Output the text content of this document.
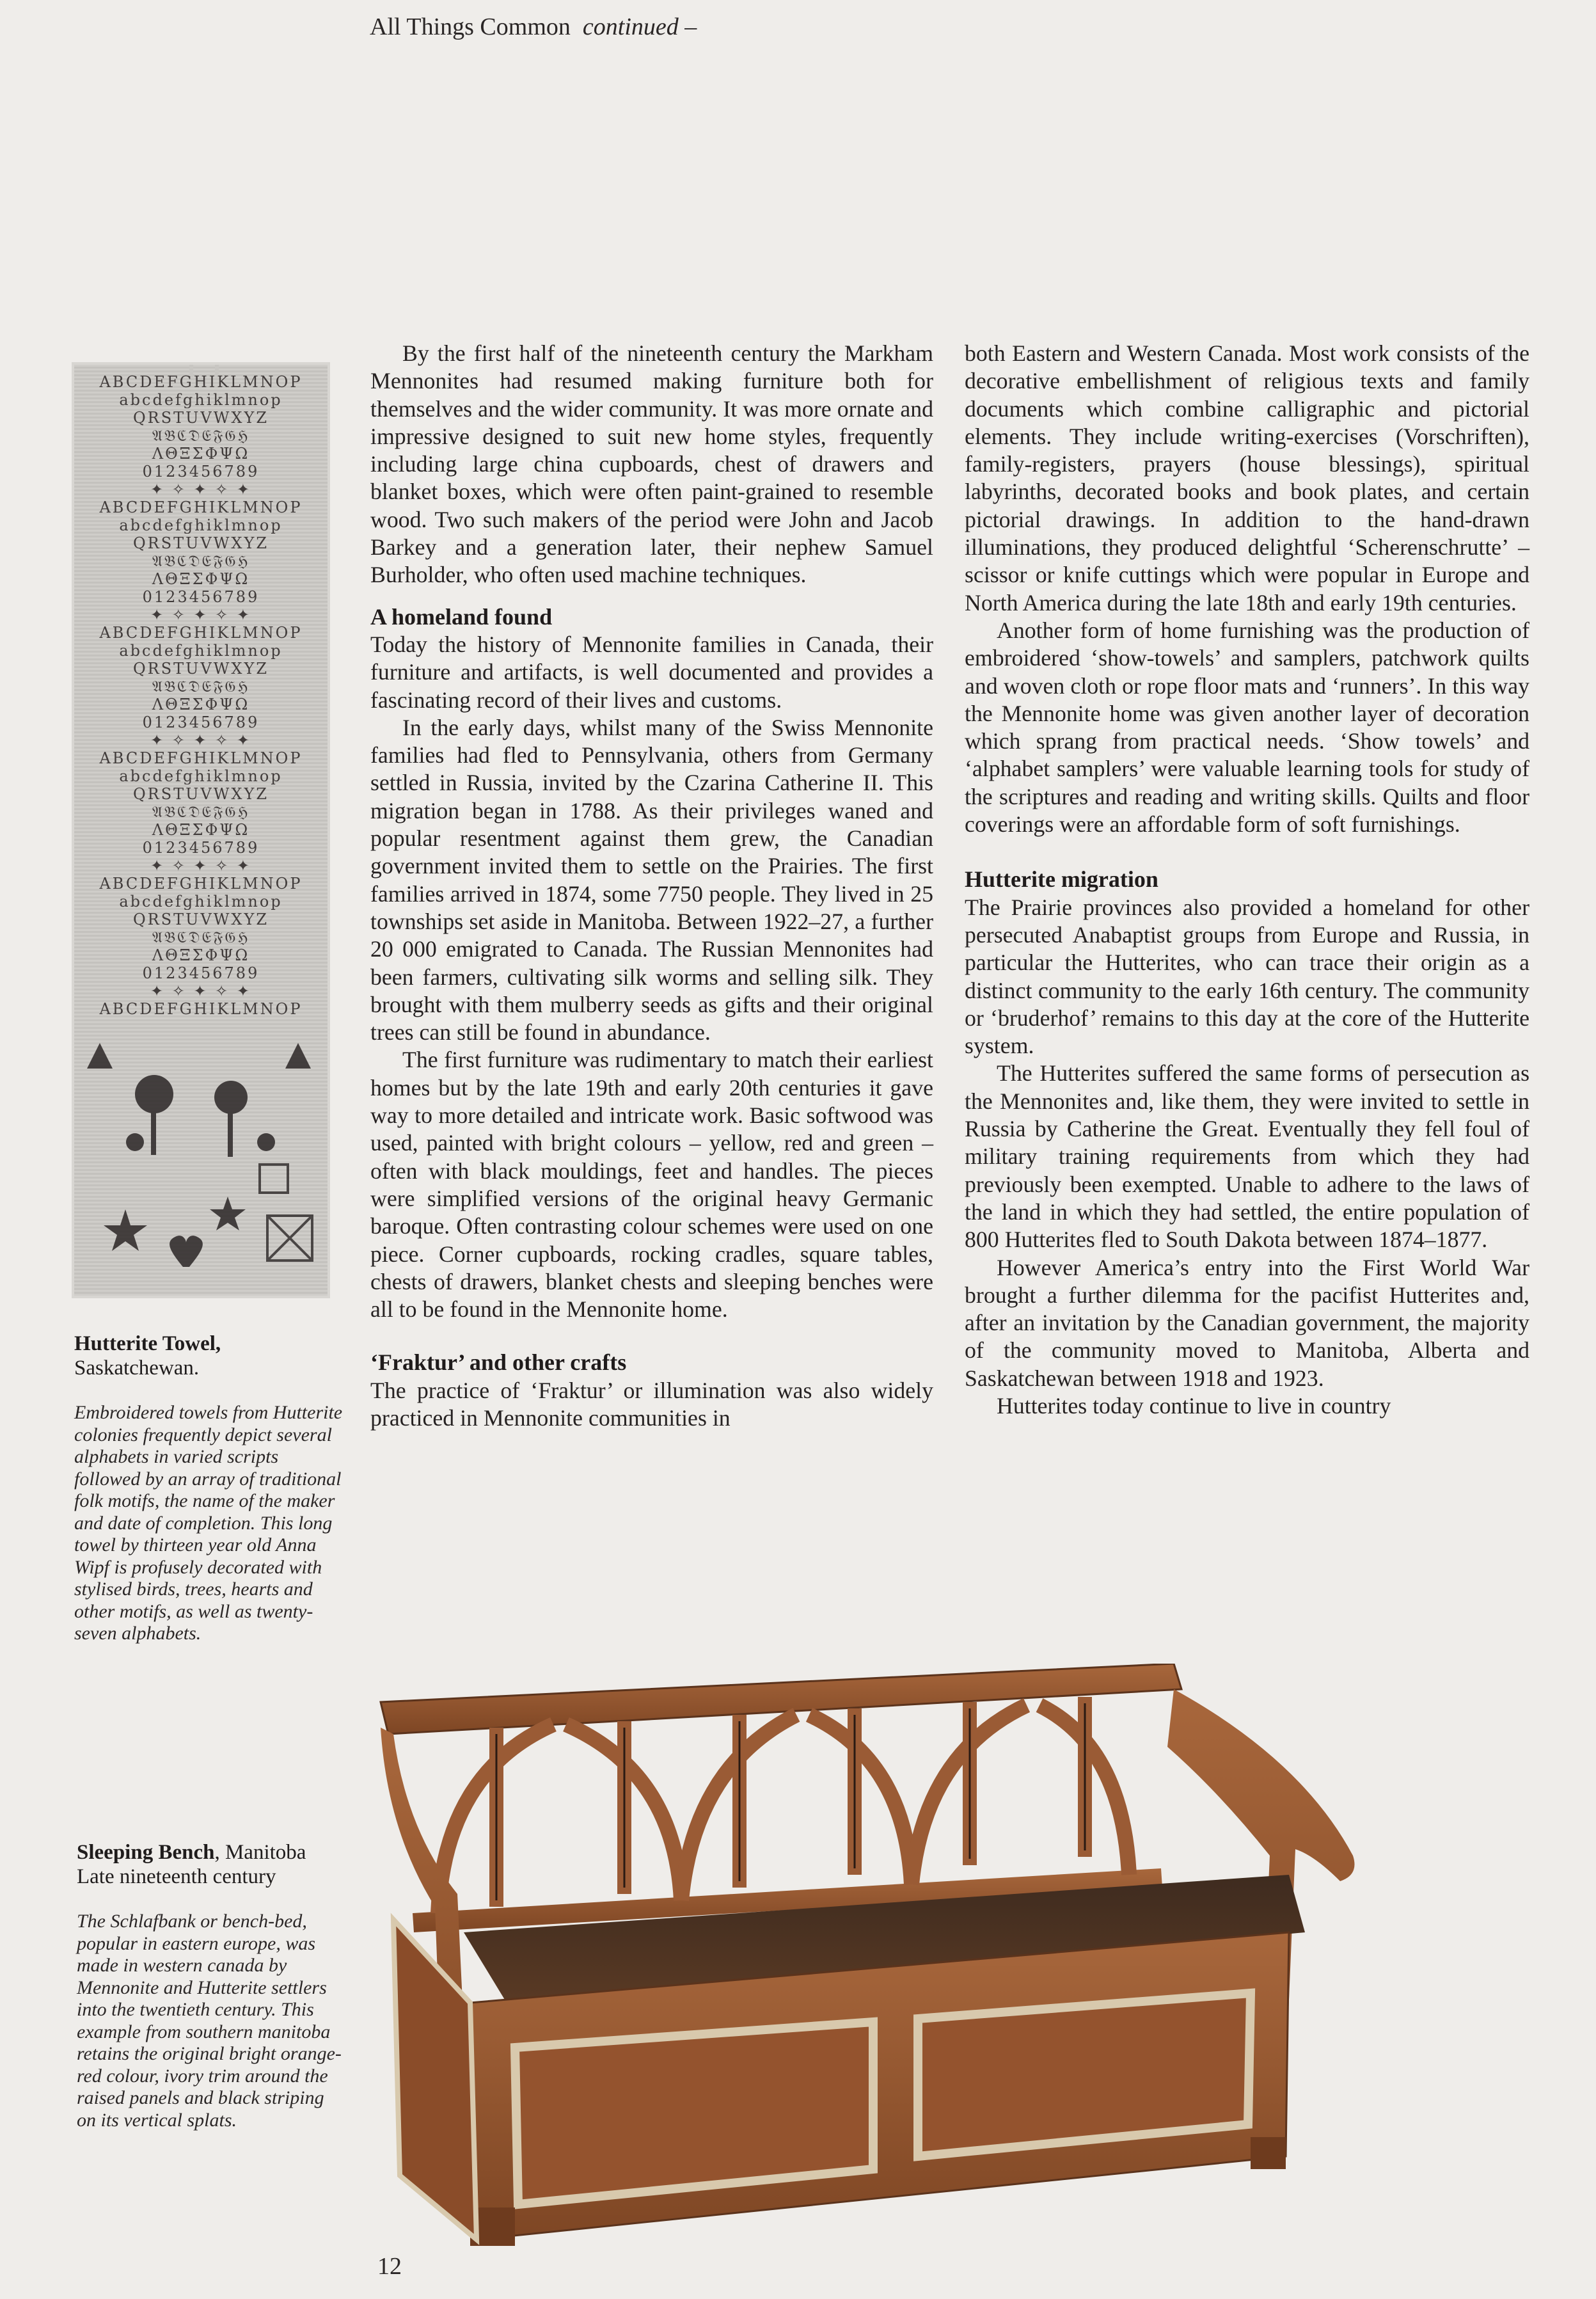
All Things Common continued –
ABCDEFGHIKLMNOP
abcdefghiklmnop
QRSTUVWXYZ
𝔄𝔅ℭ𝔇𝔈𝔉𝔊ℌ
ΛΘΞΣΦΨΩ
0123456789
✦ ✧ ✦ ✧ ✦
ABCDEFGHIKLMNOP
abcdefghiklmnop
QRSTUVWXYZ
𝔄𝔅ℭ𝔇𝔈𝔉𝔊ℌ
ΛΘΞΣΦΨΩ
0123456789
✦ ✧ ✦ ✧ ✦
ABCDEFGHIKLMNOP
abcdefghiklmnop
QRSTUVWXYZ
𝔄𝔅ℭ𝔇𝔈𝔉𝔊ℌ
ΛΘΞΣΦΨΩ
0123456789
✦ ✧ ✦ ✧ ✦
ABCDEFGHIKLMNOP
abcdefghiklmnop
QRSTUVWXYZ
𝔄𝔅ℭ𝔇𝔈𝔉𝔊ℌ
ΛΘΞΣΦΨΩ
0123456789
✦ ✧ ✦ ✧ ✦
ABCDEFGHIKLMNOP
abcdefghiklmnop
QRSTUVWXYZ
𝔄𝔅ℭ𝔇𝔈𝔉𝔊ℌ
ΛΘΞΣΦΨΩ
0123456789
✦ ✧ ✦ ✧ ✦
ABCDEFGHIKLMNOP
Hutterite Towel,
Saskatchewan.
Embroidered towels from Hutterite colonies frequently depict several alphabets in varied scripts followed by an array of traditional folk motifs, the name of the maker and date of completion. This long towel by thirteen year old Anna Wipf is profusely decorated with stylised birds, trees, hearts and other motifs, as well as twenty-seven alphabets.
Sleeping Bench, Manitoba
Late nineteenth century
The Schlafbank or bench-bed, popular in eastern europe, was made in western canada by Mennonite and Hutterite settlers into the twentieth century. This example from southern manitoba retains the original bright orange-red colour, ivory trim around the raised panels and black striping on its vertical splats.

By the first half of the nineteenth century the Markham Mennonites had resumed making furniture both for themselves and the wider community. It was more ornate and impressive designed to suit new home styles, frequently including large china cupboards, chest of drawers and blanket boxes, which were often paint-grained to resemble wood. Two such makers of the period were John and Jacob Barkey and a generation later, their nephew Samuel Burholder, who often used machine techniques.

A homeland found

Today the history of Mennonite families in Canada, their furniture and artifacts, is well documented and provides a fascinating record of their lives and customs.

In the early days, whilst many of the Swiss Mennonite families had fled to Pennsylvania, others from Germany settled in Russia, invited by the Czarina Catherine II. This migration began in 1788. As their privileges waned and popular resentment against them grew, the Canadian government invited them to settle on the Prairies. The first families arrived in 1874, some 7750 people. They lived in 25 townships set aside in Manitoba. Between 1922–27, a further 20 000 emigrated to Canada. The Russian Mennonites had been farmers, cultivating silk worms and selling silk. They brought with them mulberry seeds as gifts and their original trees can still be found in abundance.

The first furniture was rudimentary to match their earliest homes but by the late 19th and early 20th centuries it gave way to more detailed and intricate work. Basic softwood was used, painted with bright colours – yellow, red and green – often with black mouldings, feet and handles. The pieces were simplified versions of the original heavy Germanic baroque. Often contrasting colour schemes were used on one piece. Corner cupboards, rocking cradles, square tables, chests of drawers, blanket chests and sleeping benches were all to be found in the Mennonite home.

‘Fraktur’ and other crafts

The practice of ‘Fraktur’ or illumination was also widely practiced in Mennonite communities in

both Eastern and Western Canada. Most work consists of the decorative embellishment of religious texts and family documents which combine calligraphic and pictorial elements. They include writing-exercises (Vorschriften), family-registers, prayers (house blessings), spiritual labyrinths, decorated books and book plates, and certain pictorial drawings. In addition to the hand-drawn illuminations, they produced delightful ‘Scherenschrutte’ – scissor or knife cuttings which were popular in Europe and North America during the late 18th and early 19th centuries.

Another form of home furnishing was the production of embroidered ‘show-towels’ and samplers, patchwork quilts and woven cloth or rope floor mats and ‘runners’. In this way the Mennonite home was given another layer of decoration which sprang from practical needs. ‘Show towels’ and ‘alphabet samplers’ were valuable learning tools for study of the scriptures and reading and writing skills. Quilts and floor coverings were an affordable form of soft furnishings.

Hutterite migration

The Prairie provinces also provided a homeland for other persecuted Anabaptist groups from Europe and Russia, in particular the Hutterites, who can trace their origin as a distinct community to the early 16th century. The community or ‘bruderhof’ remains to this day at the core of the Hutterite system.

The Hutterites suffered the same forms of persecution as the Mennonites and, like them, they were invited to settle in Russia by Catherine the Great. Eventually they fell foul of military training requirements from which they had previously been exempted. Unable to adhere to the laws of the land in which they had settled, the entire population of 800 Hutterites fled to South Dakota between 1874–1877.

However America’s entry into the First World War brought a further dilemma for the pacifist Hutterites and, after an invitation by the Canadian government, the majority of the community moved to Manitoba, Alberta and Saskatchewan between 1918 and 1923.

Hutterites today continue to live in country

12
